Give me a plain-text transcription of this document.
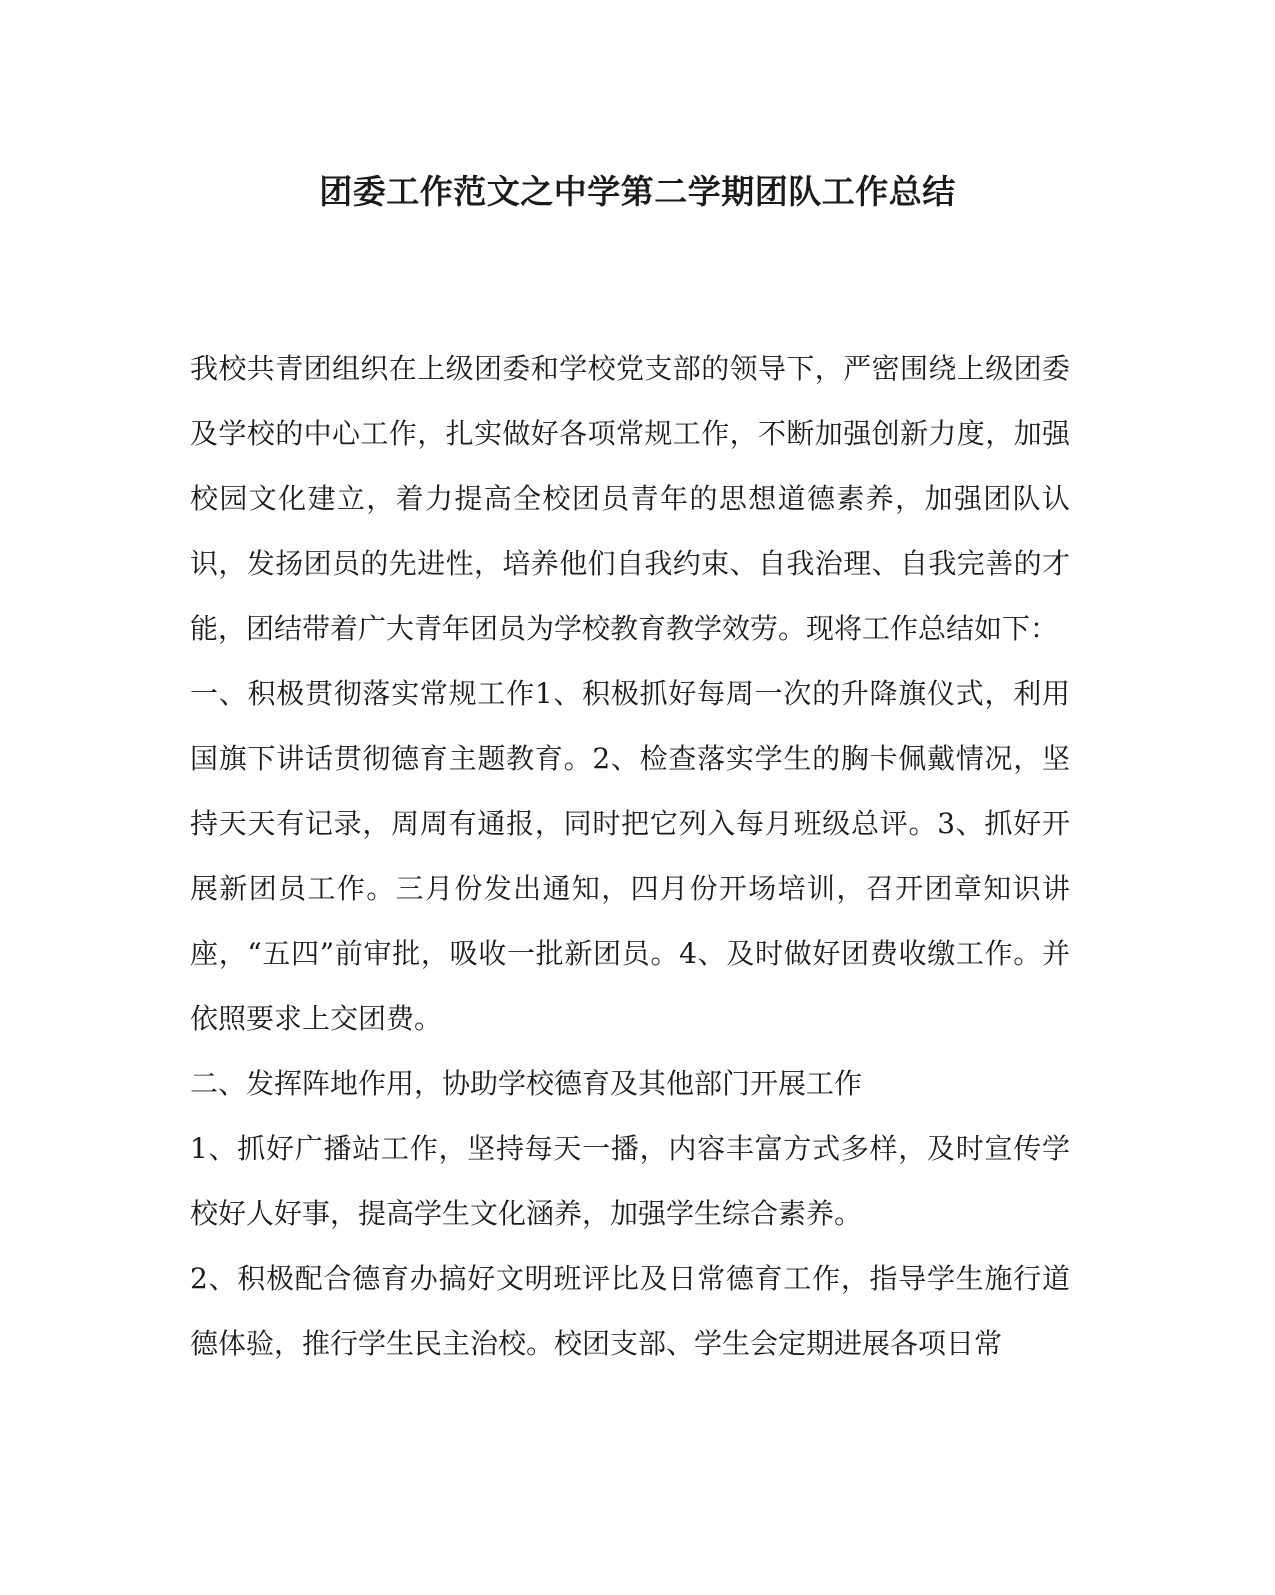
团委工作范文之中学第二学期团队工作总结

我校共青团组织在上级团委和学校党支部的领导下，严密围绕上级团委及学校的中心工作，扎实做好各项常规工作，不断加强创新力度，加强校园文化建立，着力提高全校团员青年的思想道德素养，加强团队认识，发扬团员的先进性，培养他们自我约束、自我治理、自我完善的才能，团结带着广大青年团员为学校教育教学效劳。现将工作总结如下：

一、积极贯彻落实常规工作1、积极抓好每周一次的升降旗仪式，利用国旗下讲话贯彻德育主题教育。2、检查落实学生的胸卡佩戴情况，坚持天天有记录，周周有通报，同时把它列入每月班级总评。3、抓好开展新团员工作。三月份发出通知，四月份开场培训，召开团章知识讲座，“五四”前审批，吸收一批新团员。4、及时做好团费收缴工作。并依照要求上交团费。

二、发挥阵地作用，协助学校德育及其他部门开展工作

1、抓好广播站工作，坚持每天一播，内容丰富方式多样，及时宣传学校好人好事，提高学生文化涵养，加强学生综合素养。

2、积极配合德育办搞好文明班评比及日常德育工作，指导学生施行道德体验，推行学生民主治校。校团支部、学生会定期进展各项日常
